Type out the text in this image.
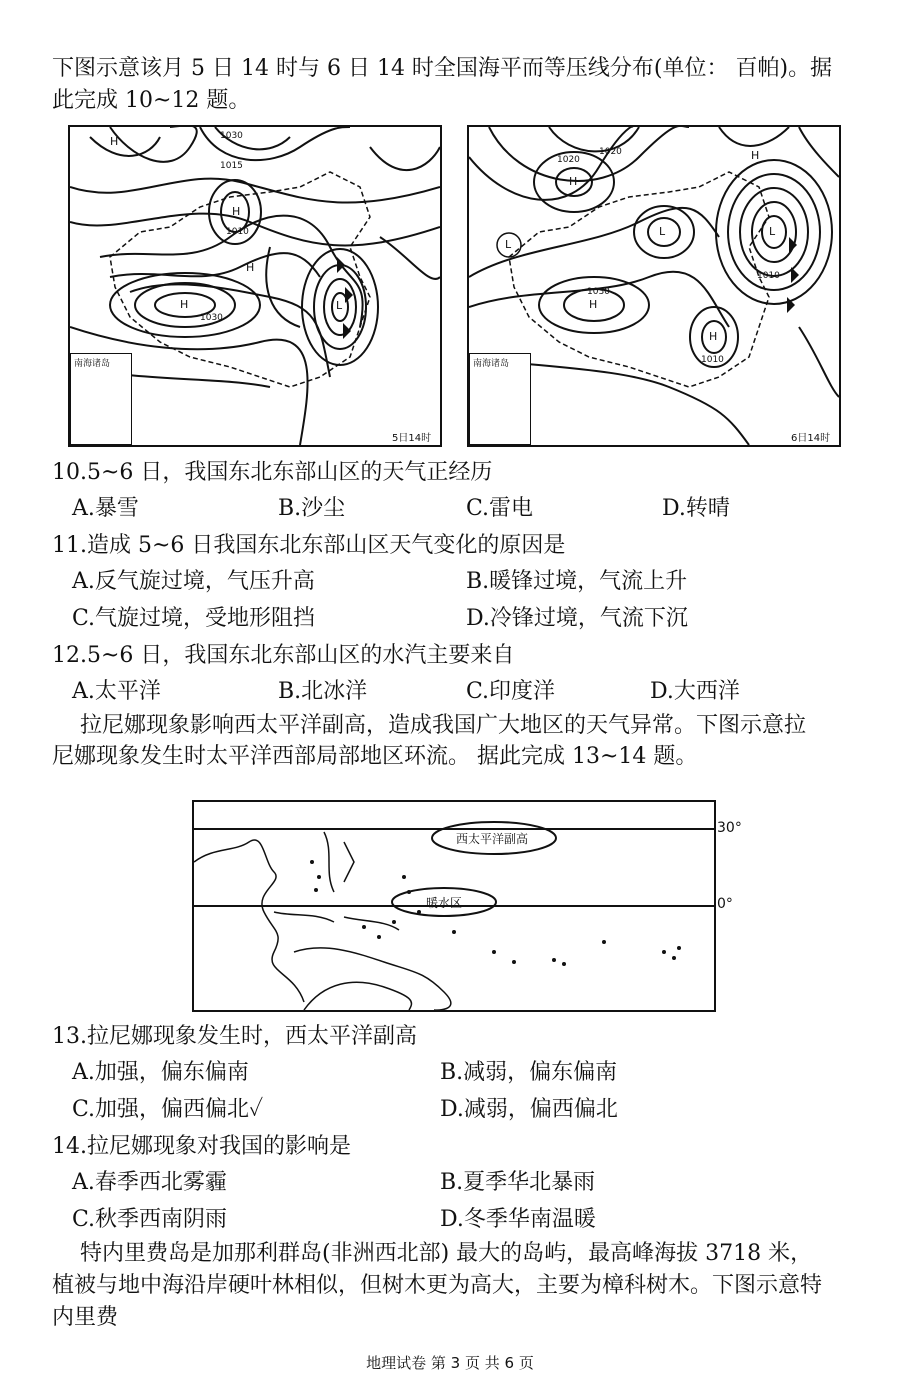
下图示意该月 5 日 14 时与 6 日 14 时全国海平而等压线分布(单位： 百帕)。据
此完成 10~12 题。
H
H
H
H	L
1030
1015
1030
1010
南海诸岛
5日14时
H
H
H
H
L
L	L
1020
1020
1030
1010
1010
南海诸岛
6日14时
10.5~6 日，我国东北东部山区的天气正经历
A.暴雪	B.沙尘	C.雷电	D.转晴
11.造成 5~6 日我国东北东部山区天气变化的原因是
A.反气旋过境，气压升高	B.暖锋过境，气流上升
C.气旋过境，受地形阻挡	D.冷锋过境，气流下沉
12.5~6 日，我国东北东部山区的水汽主要来自
A.太平洋	B.北冰洋	C.印度洋	D.大西洋
拉尼娜现象影响西太平洋副高，造成我国广大地区的天气异常。下图示意拉
尼娜现象发生时太平洋西部局部地区环流。 据此完成 13~14 题。
西太平洋副高
暖水区
30°
0°
13.拉尼娜现象发生时，西太平洋副高
A.加强，偏东偏南	B.减弱，偏东偏南
C.加强，偏西偏北✓	D.减弱，偏西偏北
14.拉尼娜现象对我国的影响是
A.春季西北雾霾	B.夏季华北暴雨
C.秋季西南阴雨	D.冬季华南温暖
特内里费岛是加那利群岛(非洲西北部) 最大的岛屿，最高峰海拔 3718 米，
植被与地中海沿岸硬叶林相似，但树木更为高大，主要为樟科树木。下图示意特
内里费
地理试卷 第 3 页 共 6 页
